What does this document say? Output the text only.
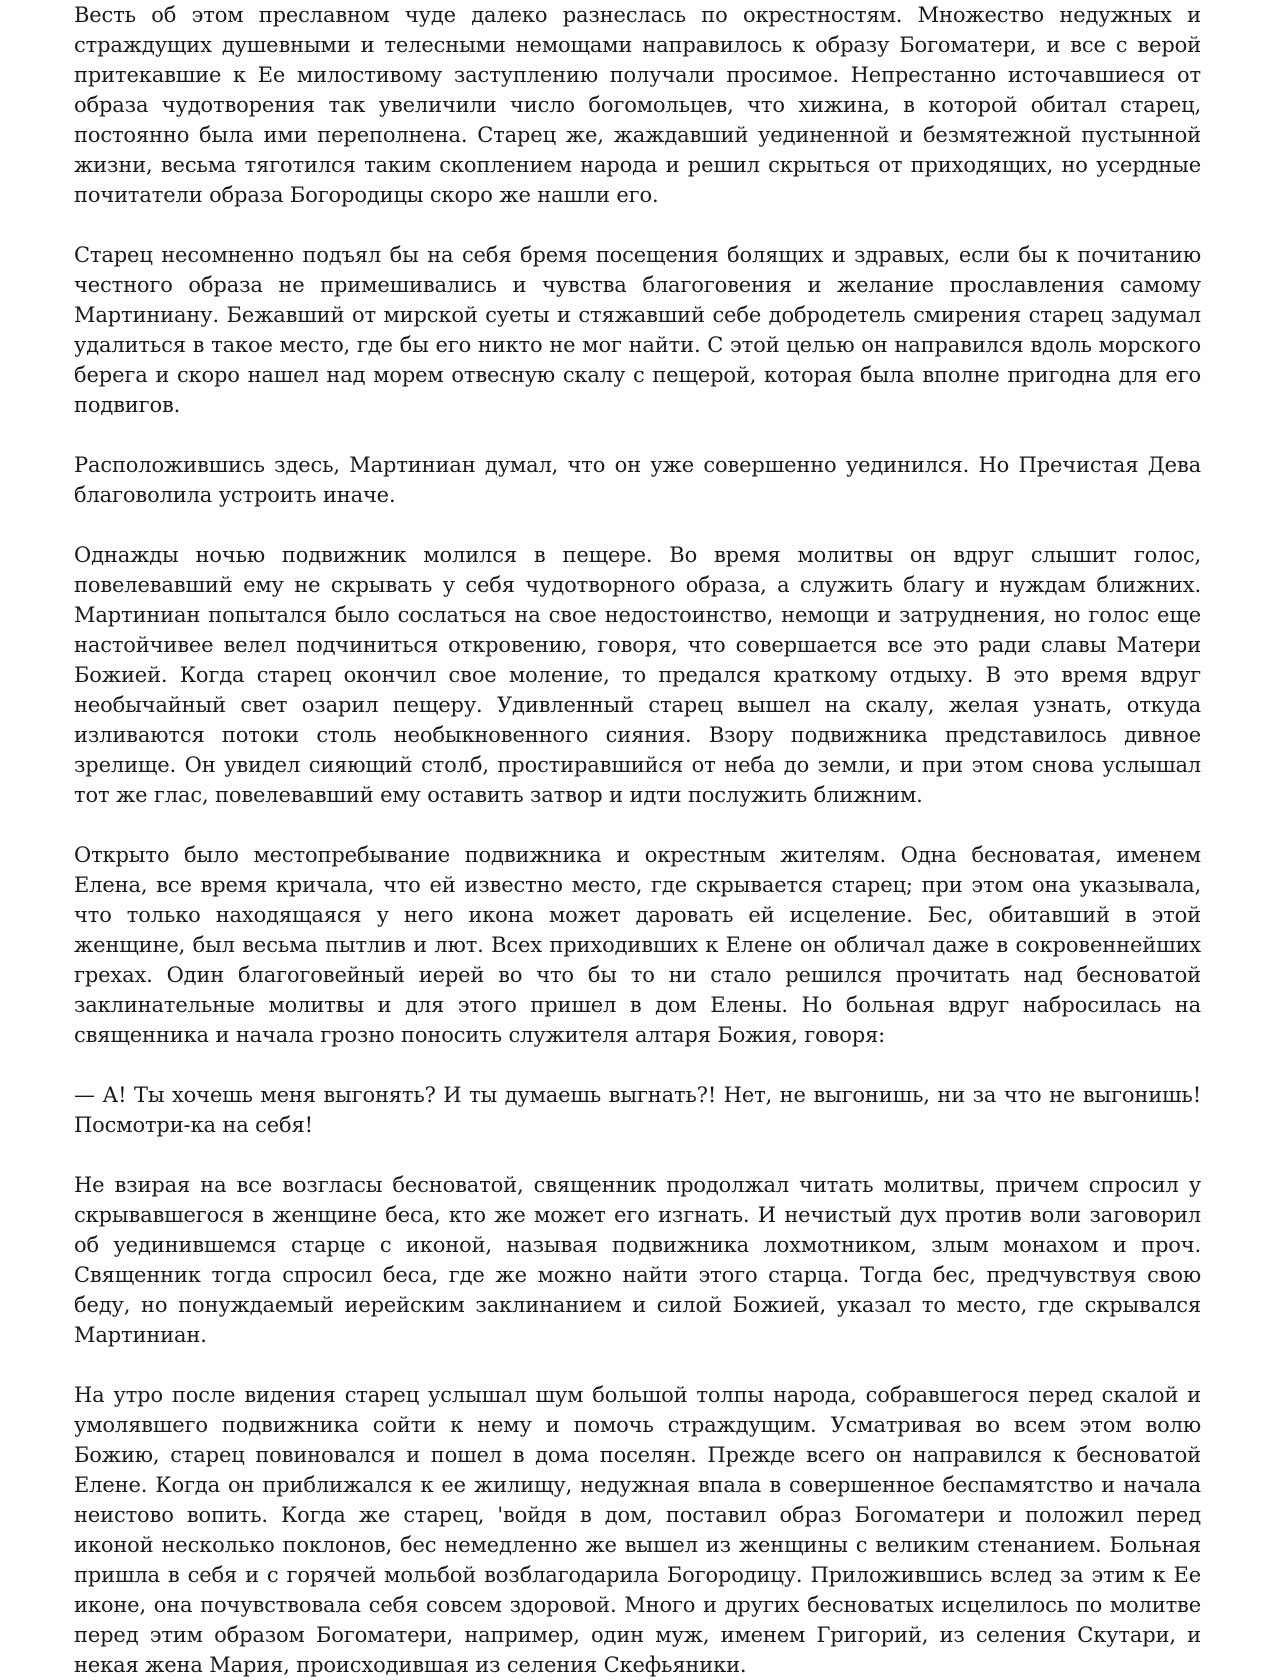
Весть об этом преславном чуде далеко разнеслась по окрестностям. Множество недужных и страждущих душевными и телесными немощами направилось к образу Богоматери, и все с верой притекавшие к Ее милостивому заступлению получали просимое. Непрестанно источавшиеся от образа чудотворения так увеличили число богомольцев, что хижина, в которой обитал старец, постоянно была ими переполнена. Старец же, жаждавший уединенной и безмятежной пустынной жизни, весьма тяготился таким скоплением народа и решил скрыться от приходящих, но усердные почитатели образа Богородицы скоро же нашли его.

Старец несомненно подъял бы на себя бремя посещения болящих и здравых, если бы к почитанию честного образа не примешивались и чувства благоговения и желание прославления самому Мартиниану. Бежавший от мирской суеты и стяжавший себе добродетель смирения старец задумал удалиться в такое место, где бы его никто не мог найти. С этой целью он направился вдоль морского берега и скоро нашел над морем отвесную скалу с пещерой, которая была вполне пригодна для его подвигов.

Расположившись здесь, Мартиниан думал, что он уже совершенно уединился. Но Пречистая Дева благоволила устроить иначе.

Однажды ночью подвижник молился в пещере. Во время молитвы он вдруг слышит голос, повелевавший ему не скрывать у себя чудотворного образа, а служить благу и нуждам ближних. Мартиниан попытался было сослаться на свое недостоинство, немощи и затруднения, но голос еще настойчивее велел подчиниться откровению, говоря, что совершается все это ради славы Матери Божией. Когда старец окончил свое моление, то предался краткому отдыху. В это время вдруг необычайный свет озарил пещеру. Удивленный старец вышел на скалу, желая узнать, откуда изливаются потоки столь необыкновенного сияния. Взору подвижника представилось дивное зрелище. Он увидел сияющий столб, простиравшийся от неба до земли, и при этом снова услышал тот же глас, повелевавший ему оставить затвор и идти послужить ближним.

Открыто было местопребывание подвижника и окрестным жителям. Одна бесноватая, именем Елена, все время кричала, что ей известно место, где скрывается старец; при этом она указывала, что только находящаяся у него икона может даровать ей исцеление. Бес, обитавший в этой женщине, был весьма пытлив и лют. Всех приходивших к Елене он обличал даже в сокровеннейших грехах. Один благоговейный иерей во что бы то ни стало решился прочитать над бесноватой заклинательные молитвы и для этого пришел в дом Елены. Но больная вдруг набросилась на священника и начала грозно поносить служителя алтаря Божия, говоря:

— А! Ты хочешь меня выгонять? И ты думаешь выгнать?! Нет, не выгонишь, ни за что не выгонишь! Посмотри-ка на себя!

Не взирая на все возгласы бесноватой, священник продолжал читать молитвы, причем спросил у скрывавшегося в женщине беса, кто же может его изгнать. И нечистый дух против воли заговорил об уединившемся старце с иконой, называя подвижника лохмотником, злым монахом и проч. Священник тогда спросил беса, где же можно найти этого старца. Тогда бес, предчувствуя свою беду, но понуждаемый иерейским заклинанием и силой Божией, указал то место, где скрывался Мартиниан.

На утро после видения старец услышал шум большой толпы народа, собравшегося перед скалой и умолявшего подвижника сойти к нему и помочь страждущим. Усматривая во всем этом волю Божию, старец повиновался и пошел в дома поселян. Прежде всего он направился к бесноватой Елене. Когда он приближался к ее жилищу, недужная впала в совершенное беспамятство и начала неистово вопить. Когда же старец, 'войдя в дом, поставил образ Богоматери и положил перед иконой несколько поклонов, бес немедленно же вышел из женщины с великим стенанием. Больная пришла в себя и с горячей мольбой возблагодарила Богородицу. Приложившись вслед за этим к Ее иконе, она почувствовала себя совсем здоровой. Много и других бесноватых исцелилось по молитве перед этим образом Богоматери, например, один муж, именем Григорий, из селения Скутари, и некая жена Мария, происходившая из селения Скефьяники.
